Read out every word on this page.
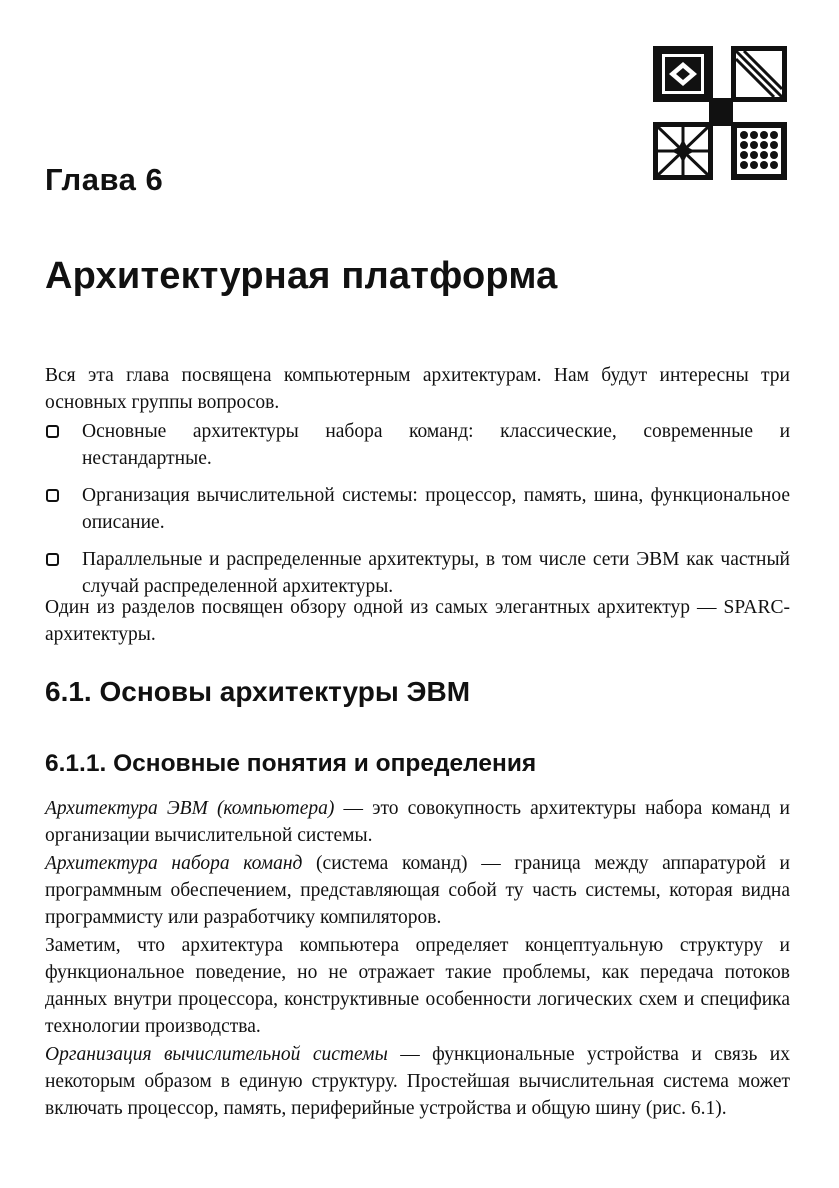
Глава 6
Архитектурная платформа

Вся эта глава посвящена компьютерным архитектурам. Нам будут интересны три основных группы вопросов.

Основные архитектуры набора команд: классические, современные и нестандартные.
Организация вычислительной системы: процессор, память, шина, функциональное описание.
Параллельные и распределенные архитектуры, в том числе сети ЭВМ как частный случай распределенной архитектуры.

Один из разделов посвящен обзору одной из самых элегантных архитектур — SPARC-архитектуры.

6.1. Основы архитектуры ЭВМ
6.1.1. Основные понятия и определения

Архитектура ЭВМ (компьютера) — это совокупность архитектуры набора команд и организации вычислительной системы.

Архитектура набора команд (система команд) — граница между аппаратурой и программным обеспечением, представляющая собой ту часть системы, которая видна программисту или разработчику компиляторов.

Заметим, что архитектура компьютера определяет концептуальную структуру и функциональное поведение, но не отражает такие проблемы, как передача потоков данных внутри процессора, конструктивные особенности логических схем и специфика технологии производства.

Организация вычислительной системы — функциональные устройства и связь их некоторым образом в единую структуру. Простейшая вычислительная система может включать процессор, память, периферийные устройства и общую шину (рис. 6.1).
